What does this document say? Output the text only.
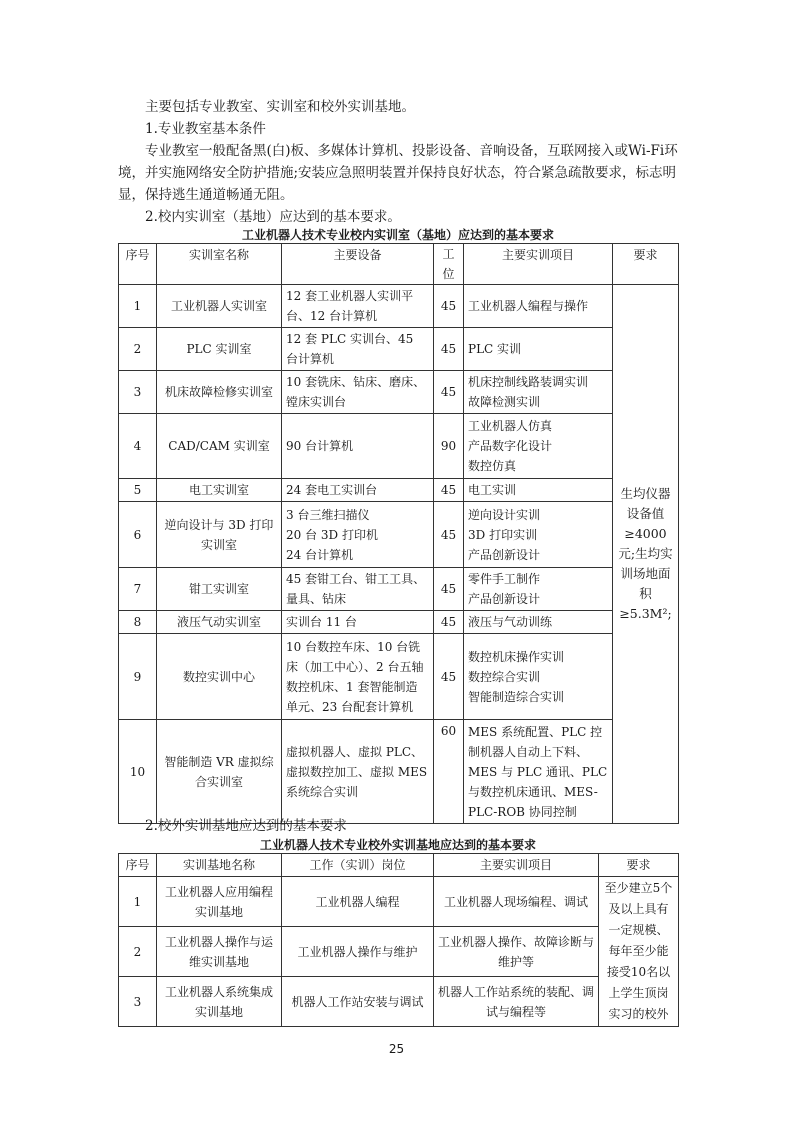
主要包括专业教室、实训室和校外实训基地。

1.专业教室基本条件

专业教室一般配备黑(白)板、多媒体计算机、投影设备、音响设备，互联网接入或Wi-Fi环境，并实施网络安全防护措施;安装应急照明装置并保持良好状态，符合紧急疏散要求，标志明显，保持逃生通道畅通无阻。

2.校内实训室（基地）应达到的基本要求。

工业机器人技术专业校内实训室（基地）应达到的基本要求

序号	实训室名称	主要设备	工位	主要实训项目	要求
1	工业机器人实训室	12 套工业机器人实训平台、12 台计算机	45	工业机器人编程与操作	生均仪器设备值≥4000元;生均实训场地面积≥5.3M²;
2	PLC 实训室	12 套 PLC 实训台、45 台计算机	45	PLC 实训	
3	机床故障检修实训室	10 套铣床、钻床、磨床、镗床实训台	45	机床控制线路装调实训
故障检测实训	

4	CAD/CAM 实训室	90 台计算机	90	工业机器人仿真
产品数字化设计
数控仿真	

5	电工实训室	24 套电工实训台	45	电工实训	
6	逆向设计与 3D 打印实训室	3 台三维扫描仪
20 台 3D 打印机
24 台计算机	45	逆向设计实训
3D 打印实训
产品创新设计	

7	钳工实训室	45 套钳工台、钳工工具、量具、钻床	45	零件手工制作
产品创新设计	

8	液压气动实训室	实训台 11 台	45	液压与气动训练	
9	数控实训中心	10 台数控车床、10 台铣床（加工中心）、2 台五轴数控机床、1 套智能制造单元、23 台配套计算机	45	数控机床操作实训
数控综合实训
智能制造综合实训	

10	智能制造 VR 虚拟综合实训室	虚拟机器人、虚拟 PLC、虚拟数控加工、虚拟 MES 系统综合实训	60	MES 系统配置、PLC 控制机器人自动上下料、MES 与 PLC 通讯、PLC 与数控机床通讯、MES-PLC-ROB 协同控制	

2.校外实训基地应达到的基本要求

工业机器人技术专业校外实训基地应达到的基本要求

序号	实训基地名称	工作（实训）岗位	主要实训项目	要求
1	工业机器人应用编程实训基地	工业机器人编程	工业机器人现场编程、调试	至少建立5个及以上具有一定规模、每年至少能接受10名以上学生顶岗实习的校外
2	工业机器人操作与运维实训基地	工业机器人操作与维护	工业机器人操作、故障诊断与维护等	
3	工业机器人系统集成实训基地	机器人工作站安装与调试	机器人工作站系统的装配、调试与编程等	
25
